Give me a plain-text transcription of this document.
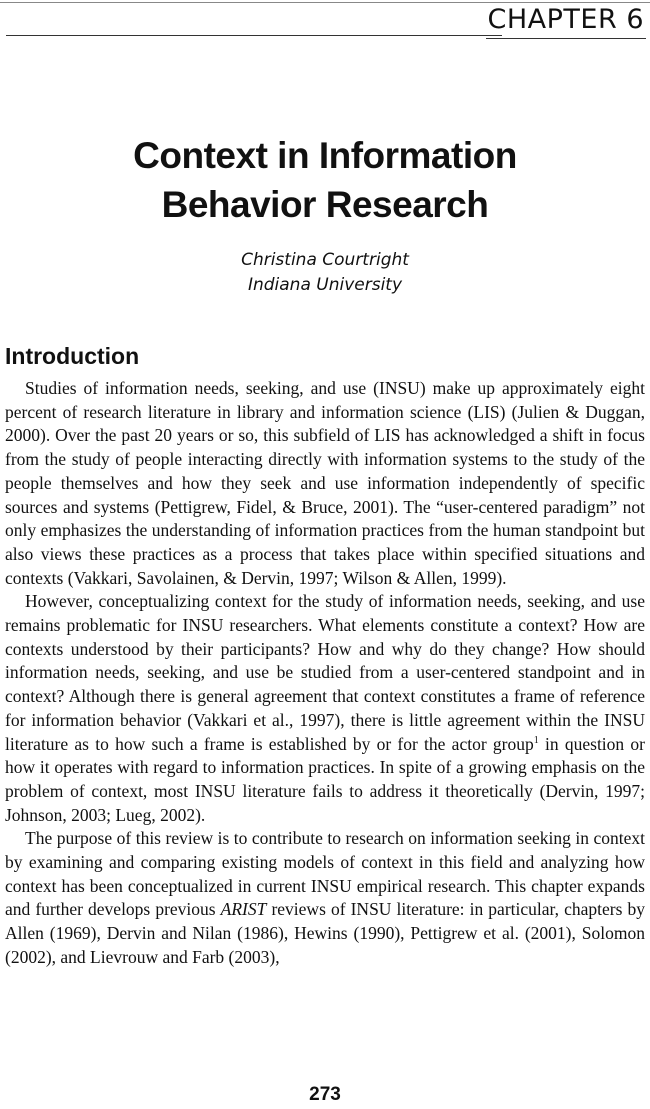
CHAPTER 6
Context in Information
Behavior Research
Christina Courtright
Indiana University
Introduction

Studies of information needs, seeking, and use (INSU) make up approximately eight percent of research literature in library and information science (LIS) (Julien & Duggan, 2000). Over the past 20 years or so, this subfield of LIS has acknowledged a shift in focus from the study of people interacting directly with information systems to the study of the people themselves and how they seek and use information independently of specific sources and systems (Pettigrew, Fidel, & Bruce, 2001). The “user-centered paradigm” not only emphasizes the understanding of information practices from the human standpoint but also views these practices as a process that takes place within specified situations and contexts (Vakkari, Savolainen, & Dervin, 1997; Wilson & Allen, 1999).

However, conceptualizing context for the study of information needs, seeking, and use remains problematic for INSU researchers. What elements constitute a context? How are contexts understood by their participants? How and why do they change? How should information needs, seeking, and use be studied from a user-centered standpoint and in context? Although there is general agreement that context constitutes a frame of reference for information behavior (Vakkari et al., 1997), there is little agreement within the INSU literature as to how such a frame is established by or for the actor group$^1$ in question or how it operates with regard to information practices. In spite of a growing emphasis on the problem of context, most INSU literature fails to address it theoretically (Dervin, 1997; Johnson, 2003; Lueg, 2002).

The purpose of this review is to contribute to research on information seeking in context by examining and comparing existing models of context in this field and analyzing how context has been conceptualized in current INSU empirical research. This chapter expands and further develops previous ARIST reviews of INSU literature: in particular, chapters by Allen (1969), Dervin and Nilan (1986), Hewins (1990), Pettigrew et al. (2001), Solomon (2002), and Lievrouw and Farb (2003),

273
